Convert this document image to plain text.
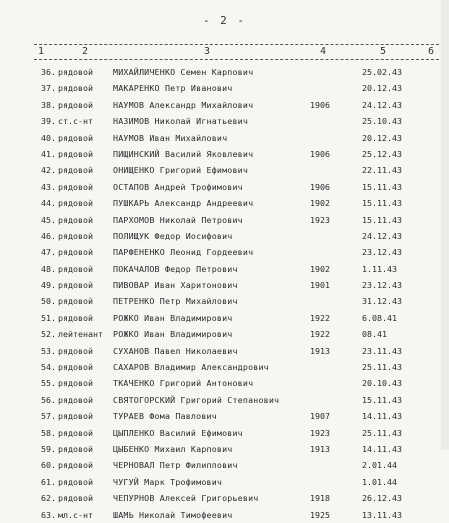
- 2 -
1	2	3	4	5	6
36. рядовой МИХАЙЛИЧЕНКО Семен Карпович	25.02.43
37. рядовой МАКАРЕНКО Петр Иванович	20.12.43
38. рядовой НАУМОВ Александр Михайлович	1906	24.12.43
39. ст.с-нт НАЗИМОВ Николай Игнатьевич	25.10.43
40. рядовой НАУМОВ Иван Михайлович	20.12.43
41. рядовой ПИЩИНСКИЙ Василий Яковлевич	1906	25.12.43
42. рядовой ОНИЩЕНКО Григорий Ефимович	22.11.43
43. рядовой ОСТАПОВ Андрей Трофимович	1906	15.11.43
44. рядовой ПУШКАРЬ Александр Андреевич	1902	15.11.43
45. рядовой ПАРХОМОВ Николай Петрович	1923	15.11.43
46. рядовой ПОЛИЩУК Федор Иосифович	24.12.43
47. рядовой ПАРФЕНЕНКО Леонид Гордеевич	23.12.43
48. рядовой ПОКАЧАЛОВ Федор Петрович	1902	1.11.43
49. рядовой ПИВОВАР Иван Харитонович	1901	23.12.43
50. рядовой ПЕТРЕНКО Петр Михайлович	31.12.43
51. рядовой РОЖКО Иван Владимирович	1922	6.08.41
52. лейтенант РОЖКО Иван Владимирович	1922	08.41
53. рядовой СУХАНОВ Павел Николаевич	1913	23.11.43
54. рядовой САХАРОВ Владимир Александрович	25.11.43
55. рядовой ТКАЧЕНКО Григорий Антонович	20.10.43
56. рядовой СВЯТОГОРСКИЙ Григорий Степанович	15.11.43
57. рядовой ТУРАЕВ Фома Павлович	1907	14.11.43
58. рядовой ЦЫПЛЕНКО Василий Ефимович	1923	25.11.43
59. рядовой ЦЫБЕНКО Михаил Карпович	1913	14.11.43
60. рядовой ЧЕРНОВАЛ Петр Филиппович	2.01.44
61. рядовой ЧУГУЙ Марк Трофимович	1.01.44
62. рядовой ЧЕПУРНОВ Алексей Григорьевич	1918	26.12.43
63. мл.с-нт ШАМЬ Николай Тимофеевич	1925	13.11.43
